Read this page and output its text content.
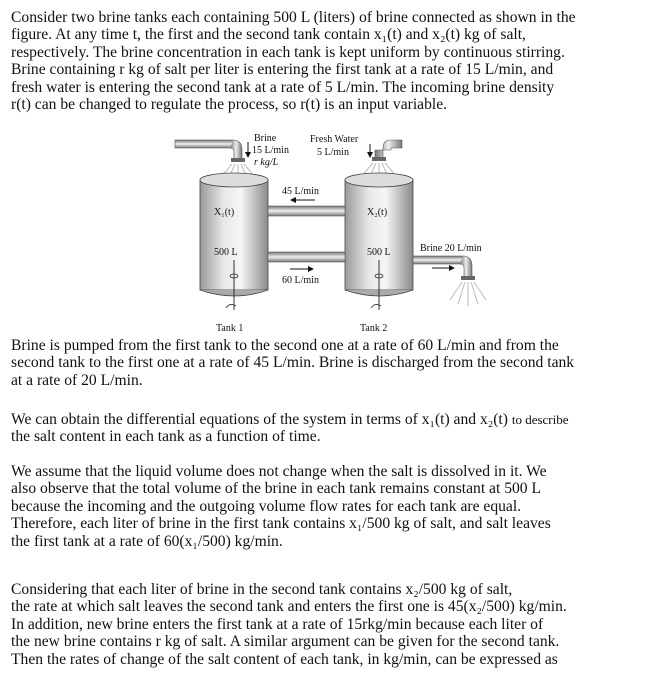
Consider two brine tanks each containing 500 L (liters) of brine connected as shown in the

figure. At any time t, the first and the second tank contain x₁(t) and x₂(t) kg of salt,

respectively. The brine concentration in each tank is kept uniform by continuous stirring.

Brine containing r kg of salt per liter is entering the first tank at a rate of 15 L/min, and

fresh water is entering the second tank at a rate of 5 L/min. The incoming brine density

r(t) can be changed to regulate the process, so r(t) is an input variable.

Brine
15 L/min
r kg/L
Fresh Water
5 L/min
45 L/min
60 L/min
X₁(t)	X₂(t)
500 L	500 L	Brine 20 L/min
Tank 1	Tank 2

Brine is pumped from the first tank to the second one at a rate of 60 L/min and from the

second tank to the first one at a rate of 45 L/min. Brine is discharged from the second tank

at a rate of 20 L/min.

We can obtain the differential equations of the system in terms of x₁(t) and x₂(t) to describe

the salt content in each tank as a function of time.

We assume that the liquid volume does not change when the salt is dissolved in it. We

also observe that the total volume of the brine in each tank remains constant at 500 L

because the incoming and the outgoing volume flow rates for each tank are equal.

Therefore, each liter of brine in the first tank contains x₁/500 kg of salt, and salt leaves

the first tank at a rate of 60(x₁/500) kg/min.

Considering that each liter of brine in the second tank contains x₂/500 kg of salt,

the rate at which salt leaves the second tank and enters the first one is 45(x₂/500) kg/min.

In addition, new brine enters the first tank at a rate of 15rkg/min because each liter of

the new brine contains r kg of salt. A similar argument can be given for the second tank.

Then the rates of change of the salt content of each tank, in kg/min, can be expressed as
